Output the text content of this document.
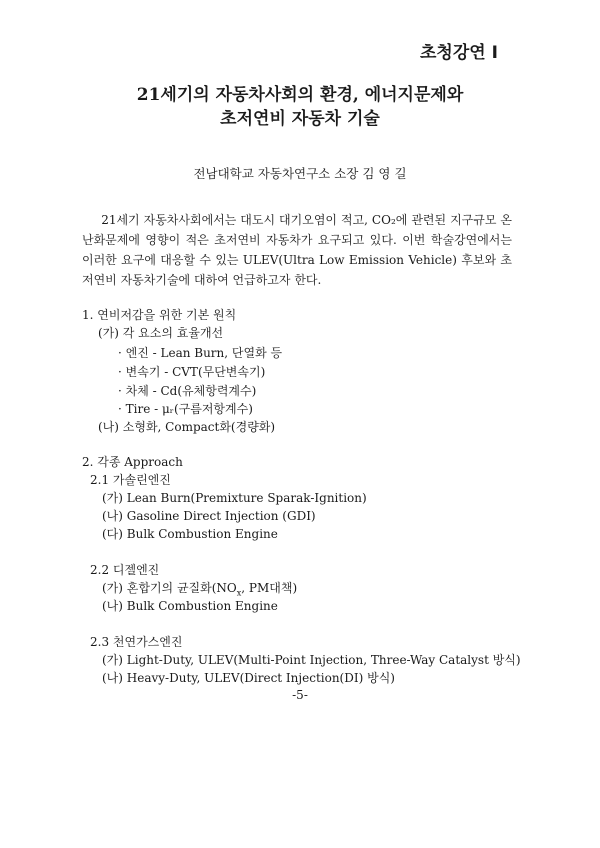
초청강연 I
21세기의 자동차사회의 환경, 에너지문제와
초저연비 자동차 기술
전남대학교 자동차연구소 소장 김 영 길

21세기 자동차사회에서는 대도시 대기오염이 적고, CO₂에 관련된 지구규모 온난화문제에 영향이 적은 초저연비 자동차가 요구되고 있다. 이번 학술강연에서는 이러한 요구에 대응할 수 있는 ULEV(Ultra Low Emission Vehicle) 후보와 초저연비 자동차기술에 대하여 언급하고자 한다.

1. 연비저감을 위한 기본 원칙
(가) 각 요소의 효율개선
· 엔진 - Lean Burn, 단열화 등
· 변속기 - CVT(무단변속기)
· 차체 - Cd(유체항력계수)
· Tire - μᵣ(구름저항계수)
(나) 소형화, Compact화(경량화)
2. 각종 Approach
2.1 가솔린엔진
(가) Lean Burn(Premixture Sparak-Ignition)
(나) Gasoline Direct Injection (GDI)
(다) Bulk Combustion Engine
2.2 디젤엔진
(가) 혼합기의 균질화($NO_x$, PM대책)
(나) Bulk Combustion Engine
2.3 천연가스엔진
(가) Light-Duty, ULEV(Multi-Point Injection, Three-Way Catalyst 방식)
(나) Heavy-Duty, ULEV(Direct Injection(DI) 방식)
-5-
